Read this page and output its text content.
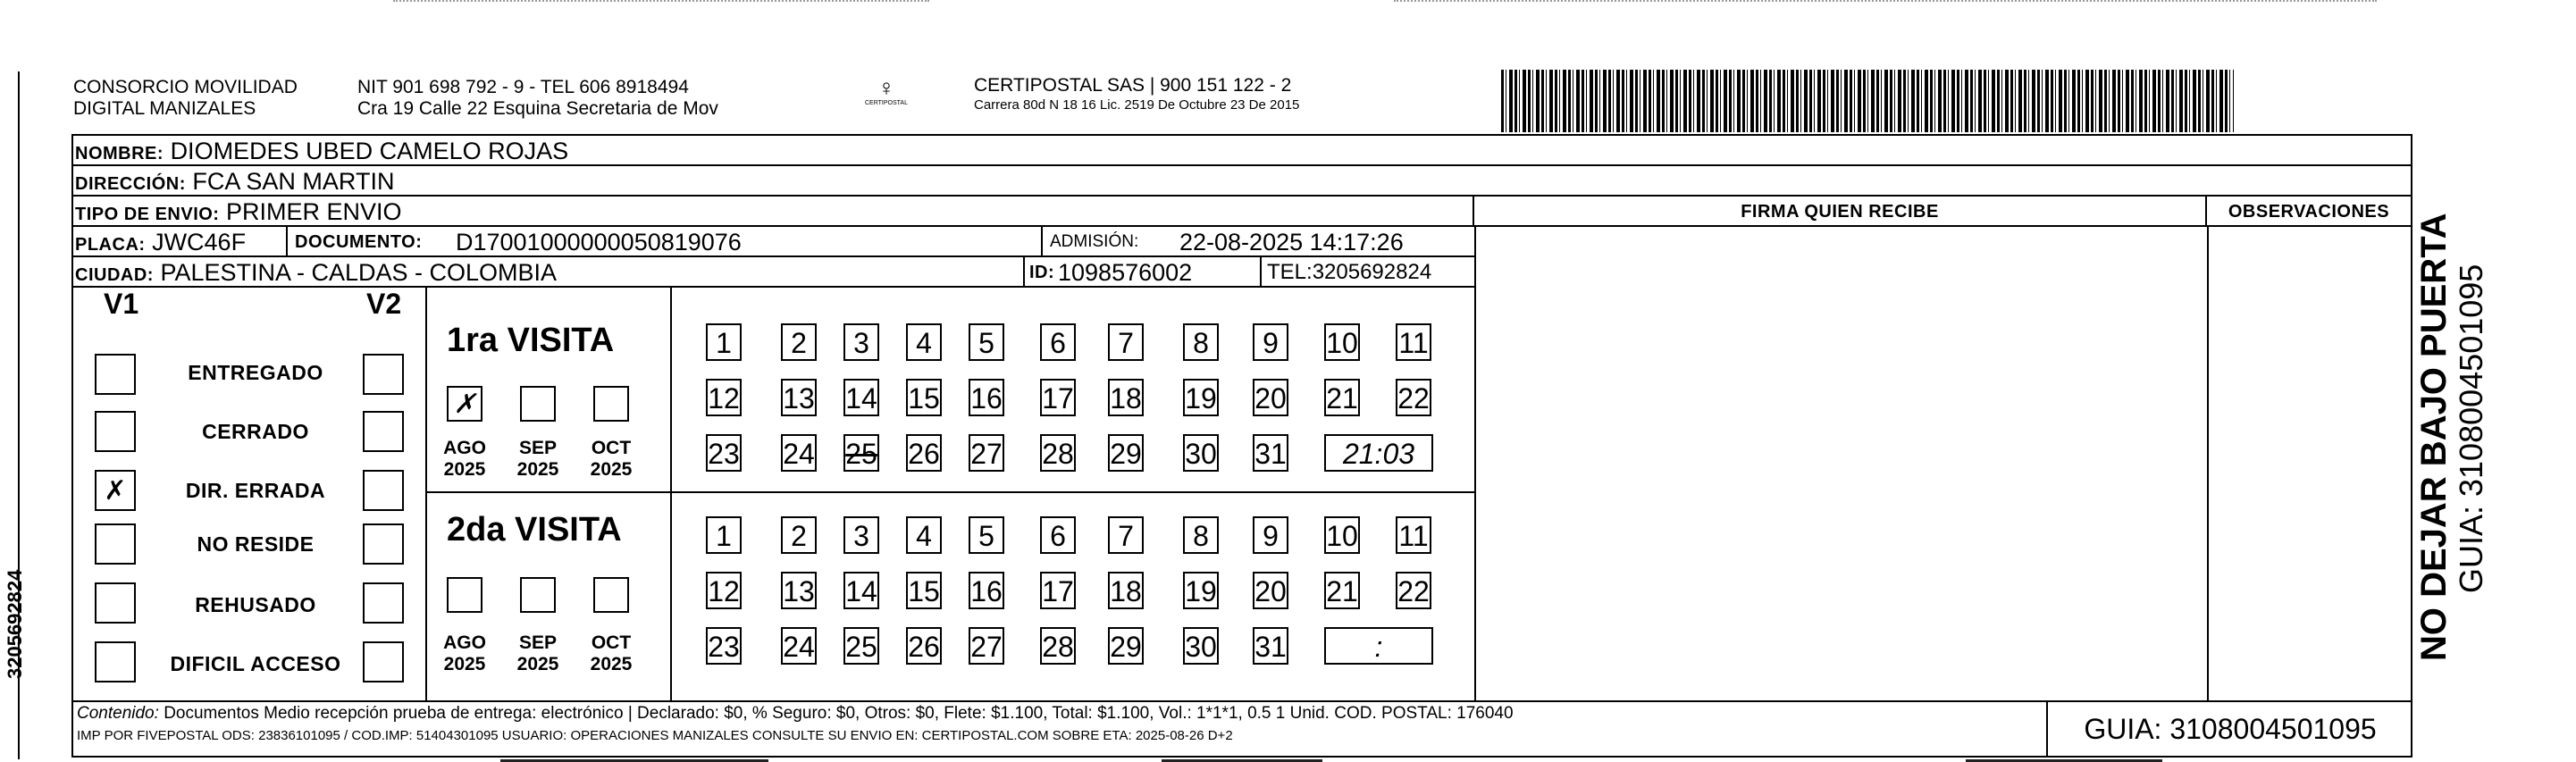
3205692824
CONSORCIO MOVILIDAD
DIGITAL MANIZALES
NIT 901 698 792 - 9 - TEL 606 8918494
Cra 19 Calle 22 Esquina Secretaria de Mov
♀
CERTIPOSTAL
CERTIPOSTAL SAS | 900 151 122 - 2
Carrera 80d N 18 16 Lic. 2519 De Octubre 23 De 2015
NOMBRE: DIOMEDES UBED CAMELO ROJAS
DIRECCIÓN: FCA SAN MARTIN
TIPO DE ENVIO: PRIMER ENVIO	FIRMA QUIEN RECIBE	OBSERVACIONES
PLACA: JWC46F	DOCUMENTO: D17001000000050819076	ADMISIÓN: 22-08-2025 14:17:26
CIUDAD: PALESTINA - CALDAS - COLOMBIA	ID: 1098576002	TEL:3205692824
V1	V2
ENTREGADO
CERRADO
✗	DIR. ERRADA
NO RESIDE
REHUSADO
DIFICIL ACCESO
1ra VISITA
✗
AGO
2025
SEP
2025
OCT
2025
2da VISITA
AGO
2025
SEP
2025
OCT
2025
1	2	3	4	5	6	7	8	9	10 11
12 13 14 15 16 17 18 19 20 21 22
23 24 25 26 27 28 29 30 31	21:03
1	2	3	4	5	6	7	8	9	10 11
12 13 14 15 16 17 18 19 20 21 22
23 24 25 26 27 28 29 30 31	:
Contenido: Documentos Medio recepción prueba de entrega: electrónico | Declarado: $0, % Seguro: $0, Otros: $0, Flete: $1.100, Total: $1.100, Vol.: 1*1*1, 0.5 1 Unid. COD. POSTAL: 176040
IMP POR FIVEPOSTAL ODS: 23836101095 / COD.IMP: 51404301095 USUARIO: OPERACIONES MANIZALES CONSULTE SU ENVIO EN: CERTIPOSTAL.COM SOBRE ETA: 2025-08-26 D+2	GUIA: 3108004501095
NO DEJAR BAJO PUERTA GUIA: 3108004501095
